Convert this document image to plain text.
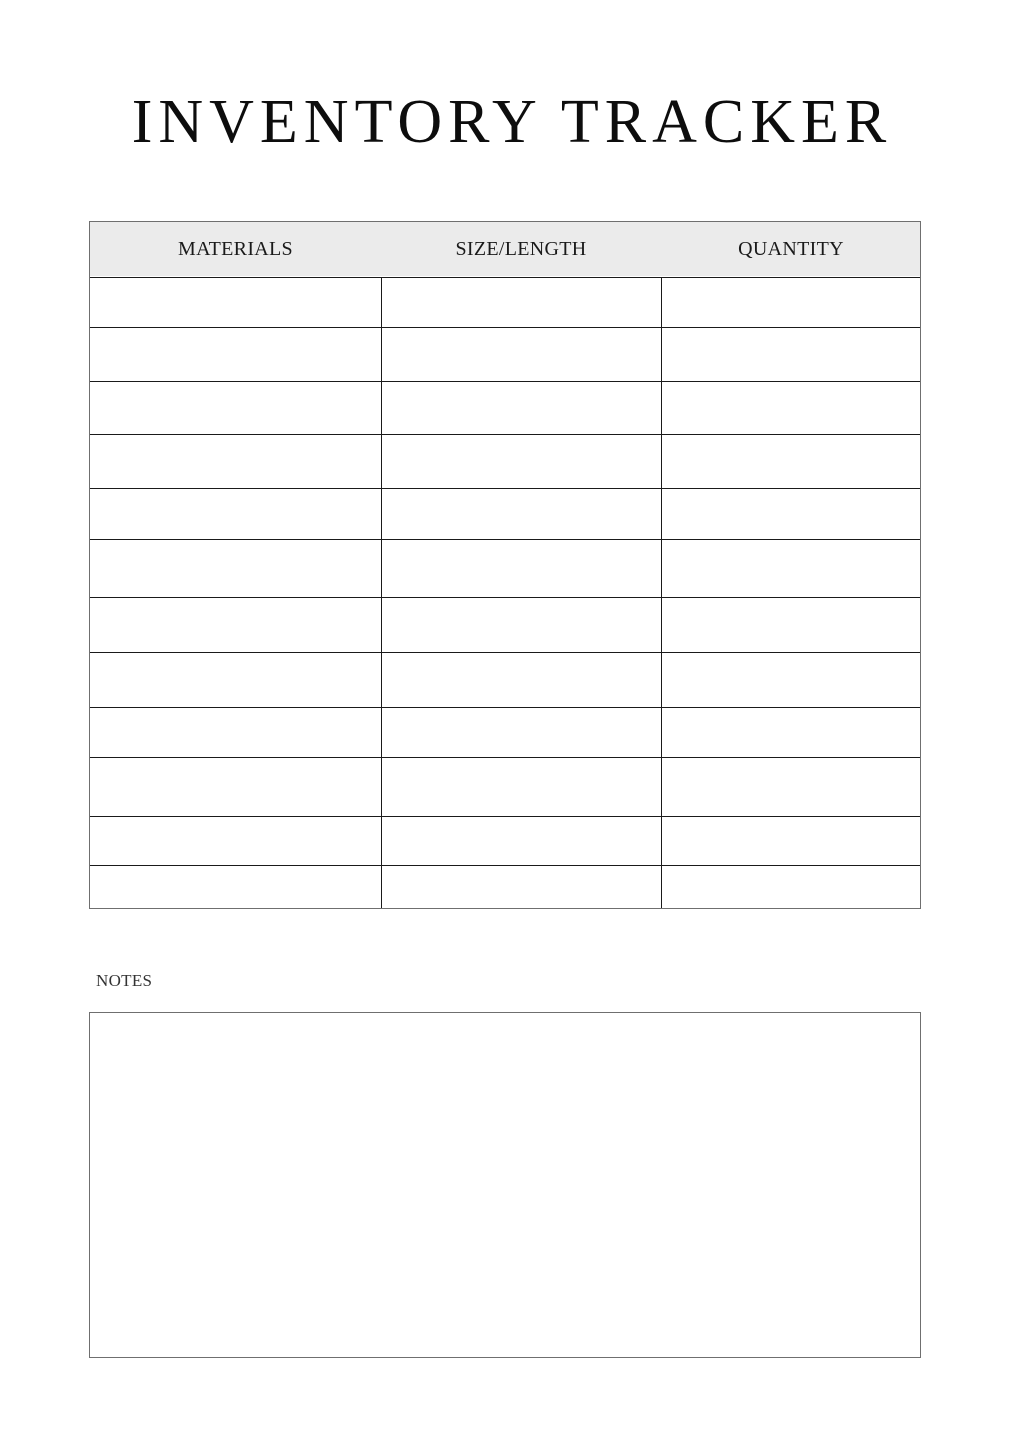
INVENTORY TRACKER
MATERIALS	SIZE/LENGTH	QUANTITY
NOTES
